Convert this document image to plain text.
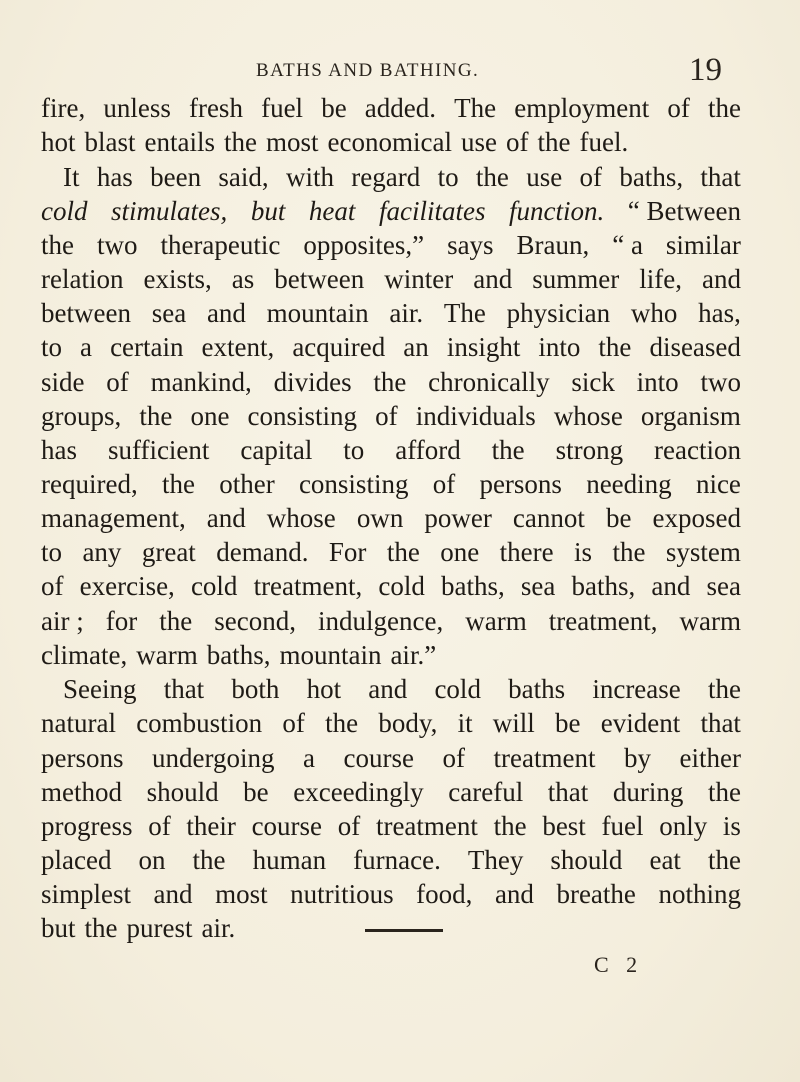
BATHS AND BATHING.	19
fire, unless fresh fuel be added. The employment of the
hot blast entails the most economical use of the fuel.
It has been said, with regard to the use of baths, that
cold stimulates, but heat facilitates function. “ Between
the two therapeutic opposites,” says Braun, “ a similar
relation exists, as between winter and summer life, and
between sea and mountain air. The physician who has,
to a certain extent, acquired an insight into the diseased
side of mankind, divides the chronically sick into two
groups, the one consisting of individuals whose organism
has sufficient capital to afford the strong reaction
required, the other consisting of persons needing nice
management, and whose own power cannot be exposed
to any great demand. For the one there is the system
of exercise, cold treatment, cold baths, sea baths, and sea
air ; for the second, indulgence, warm treatment, warm
climate, warm baths, mountain air.”
Seeing that both hot and cold baths increase the
natural combustion of the body, it will be evident that
persons undergoing a course of treatment by either
method should be exceedingly careful that during the
progress of their course of treatment the best fuel only is
placed on the human furnace. They should eat the
simplest and most nutritious food, and breathe nothing
but the purest air.
C 2
